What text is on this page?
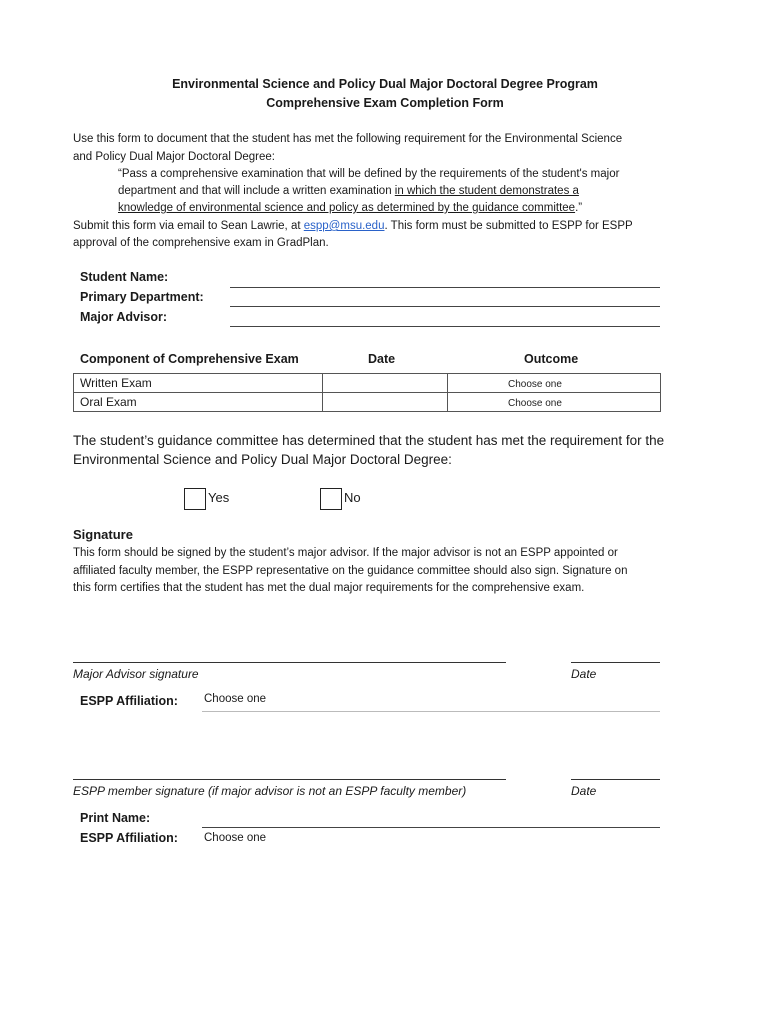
Environmental Science and Policy Dual Major Doctoral Degree Program
Comprehensive Exam Completion Form
Use this form to document that the student has met the following requirement for the Environmental Science
and Policy Dual Major Doctoral Degree:
“Pass a comprehensive examination that will be defined by the requirements of the student's major
department and that will include a written examination in which the student demonstrates a
knowledge of environmental science and policy as determined by the guidance committee.”
Submit this form via email to Sean Lawrie, at espp@msu.edu. This form must be submitted to ESPP for ESPP
approval of the comprehensive exam in GradPlan.
Student Name:
Primary Department:
Major Advisor:
Component of Comprehensive Exam	Date	Outcome
Written Exam		Choose one
Oral Exam		Choose one
The student’s guidance committee has determined that the student has met the requirement for the
Environmental Science and Policy Dual Major Doctoral Degree:
Yes	No
Signature
This form should be signed by the student’s major advisor. If the major advisor is not an ESPP appointed or
affiliated faculty member, the ESPP representative on the guidance committee should also sign. Signature on
this form certifies that the student has met the dual major requirements for the comprehensive exam.
Major Advisor signature	Date
ESPP Affiliation: Choose one
ESPP member signature (if major advisor is not an ESPP faculty member)	Date
Print Name:
ESPP Affiliation: Choose one
